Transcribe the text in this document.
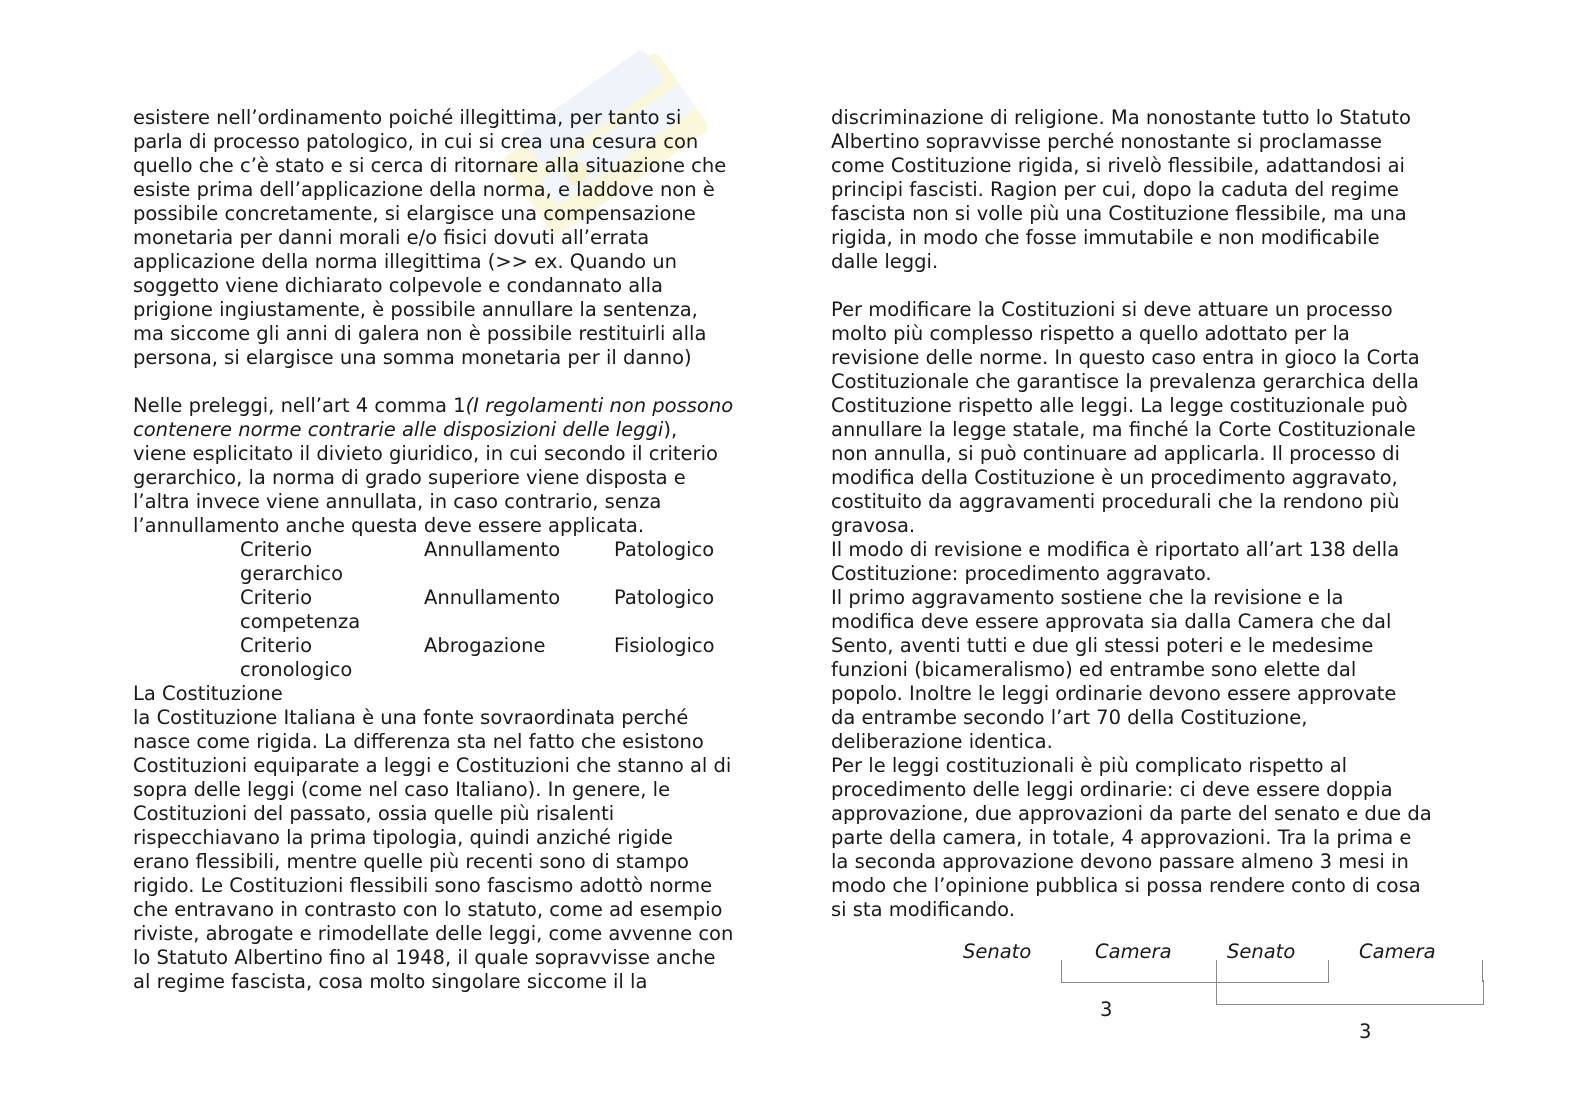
esistere nell’ordinamento poiché illegittima, per tanto si
parla di processo patologico, in cui si crea una cesura con
quello che c’è stato e si cerca di ritornare alla situazione che
esiste prima dell’applicazione della norma, e laddove non è
possibile concretamente, si elargisce una compensazione
monetaria per danni morali e/o fisici dovuti all’errata
applicazione della norma illegittima (>> ex. Quando un
soggetto viene dichiarato colpevole e condannato alla
prigione ingiustamente, è possibile annullare la sentenza,
ma siccome gli anni di galera non è possibile restituirli alla
persona, si elargisce una somma monetaria per il danno)

Nelle preleggi, nell’art 4 comma 1(I regolamenti non possono
contenere norme contrarie alle disposizioni delle leggi),
viene esplicitato il divieto giuridico, in cui secondo il criterio
gerarchico, la norma di grado superiore viene disposta e
l’altra invece viene annullata, in caso contrario, senza
l’annullamento anche questa deve essere applicata.

Criterio
gerarchico	Annullamento	Patologico

Criterio
competenza	Annullamento	Patologico

Criterio
cronologico	Abrogazione	Fisiologico

La Costituzione

la Costituzione Italiana è una fonte sovraordinata perché
nasce come rigida. La differenza sta nel fatto che esistono
Costituzioni equiparate a leggi e Costituzioni che stanno al di
sopra delle leggi (come nel caso Italiano). In genere, le
Costituzioni del passato, ossia quelle più risalenti
rispecchiavano la prima tipologia, quindi anziché rigide
erano flessibili, mentre quelle più recenti sono di stampo
rigido. Le Costituzioni flessibili sono fascismo adottò norme
che entravano in contrasto con lo statuto, come ad esempio
riviste, abrogate e rimodellate delle leggi, come avvenne con
lo Statuto Albertino fino al 1948, il quale sopravvisse anche
al regime fascista, cosa molto singolare siccome il la

discriminazione di religione. Ma nonostante tutto lo Statuto
Albertino sopravvisse perché nonostante si proclamasse
come Costituzione rigida, si rivelò flessibile, adattandosi ai
principi fascisti. Ragion per cui, dopo la caduta del regime
fascista non si volle più una Costituzione flessibile, ma una
rigida, in modo che fosse immutabile e non modificabile
dalle leggi.

Per modificare la Costituzioni si deve attuare un processo
molto più complesso rispetto a quello adottato per la
revisione delle norme. In questo caso entra in gioco la Corta
Costituzionale che garantisce la prevalenza gerarchica della
Costituzione rispetto alle leggi. La legge costituzionale può
annullare la legge statale, ma finché la Corte Costituzionale
non annulla, si può continuare ad applicarla. Il processo di
modifica della Costituzione è un procedimento aggravato,
costituito da aggravamenti procedurali che la rendono più
gravosa.
Il modo di revisione e modifica è riportato all’art 138 della
Costituzione: procedimento aggravato.
Il primo aggravamento sostiene che la revisione e la
modifica deve essere approvata sia dalla Camera che dal
Sento, aventi tutti e due gli stessi poteri e le medesime
funzioni (bicameralismo) ed entrambe sono elette dal
popolo. Inoltre le leggi ordinarie devono essere approvate
da entrambe secondo l’art 70 della Costituzione,
deliberazione identica.
Per le leggi costituzionali è più complicato rispetto al
procedimento delle leggi ordinarie: ci deve essere doppia
approvazione, due approvazioni da parte del senato e due da
parte della camera, in totale, 4 approvazioni. Tra la prima e
la seconda approvazione devono passare almeno 3 mesi in
modo che l’opinione pubblica si possa rendere conto di cosa
si sta modificando.

Senato	Camera	Senato	Camera
3
3
